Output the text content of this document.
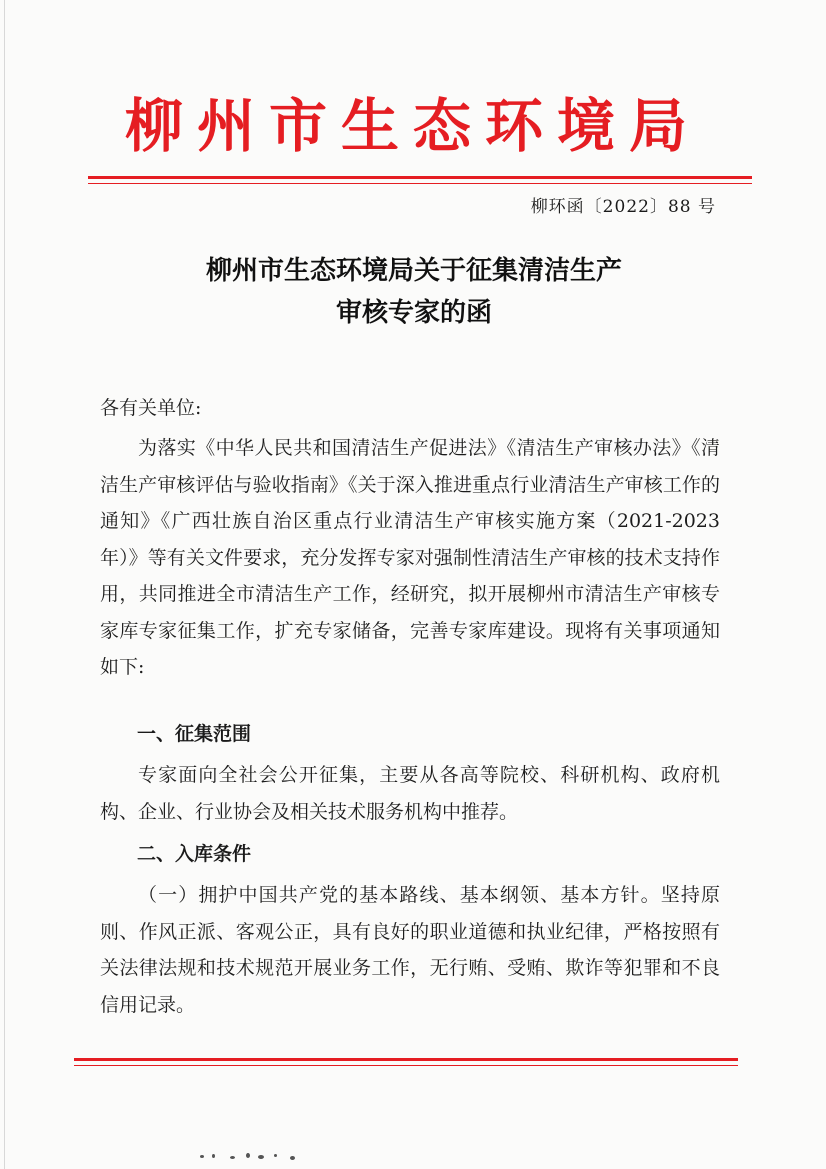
柳州市生态环境局
柳环函〔2022〕88 号
柳州市生态环境局关于征集清洁生产
审核专家的函
各有关单位:
为落实《中华人民共和国清洁生产促进法》《清洁生产审核办法》《清洁生产审核评估与验收指南》《关于深入推进重点行业清洁生产审核工作的通知》《广西壮族自治区重点行业清洁生产审核实施方案（2021-2023年）》等有关文件要求，充分发挥专家对强制性清洁生产审核的技术支持作用，共同推进全市清洁生产工作，经研究，拟开展柳州市清洁生产审核专家库专家征集工作，扩充专家储备，完善专家库建设。现将有关事项通知如下:
一、征集范围
专家面向全社会公开征集，主要从各高等院校、科研机构、政府机构、企业、行业协会及相关技术服务机构中推荐。
二、入库条件
（一）拥护中国共产党的基本路线、基本纲领、基本方针。坚持原则、作风正派、客观公正，具有良好的职业道德和执业纪律，严格按照有关法律法规和技术规范开展业务工作，无行贿、受贿、欺诈等犯罪和不良信用记录。
